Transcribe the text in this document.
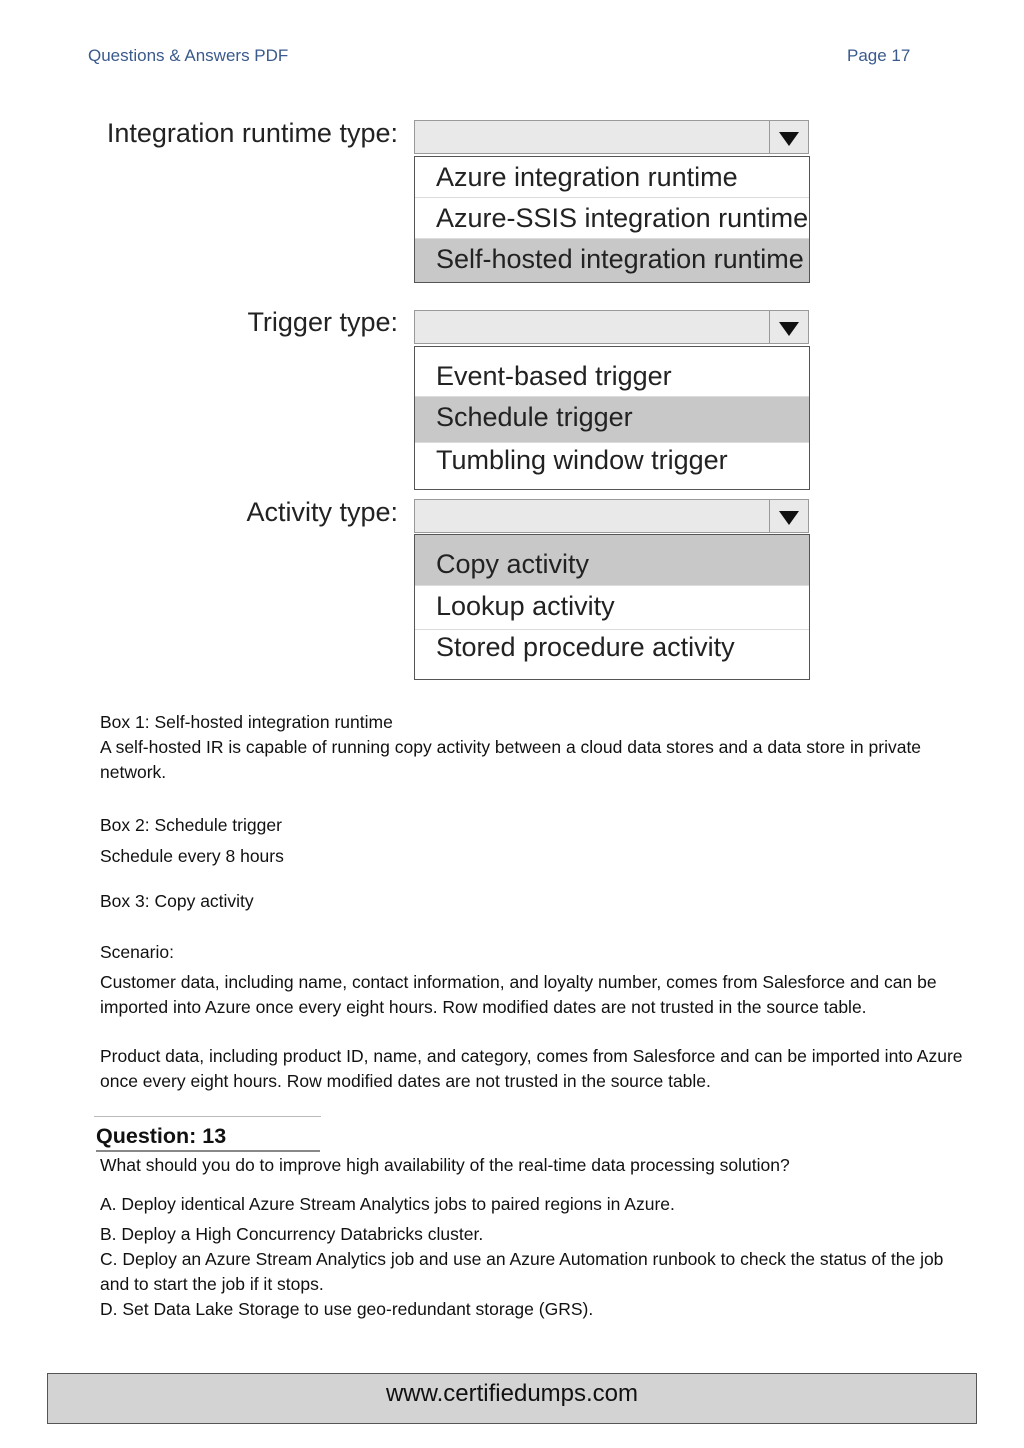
Questions & Answers PDF	Page 17
Integration runtime type:
Azure integration runtime
Azure-SSIS integration runtime
Self-hosted integration runtime
Trigger type:
Event-based trigger
Schedule trigger
Tumbling window trigger
Activity type:
Copy activity
Lookup activity
Stored procedure activity
Box 1: Self-hosted integration runtime
A self-hosted IR is capable of running copy activity between a cloud data stores and a data store in private network.
Box 2: Schedule trigger
Schedule every 8 hours
Box 3: Copy activity
Scenario:
Customer data, including name, contact information, and loyalty number, comes from Salesforce and can be imported into Azure once every eight hours. Row modified dates are not trusted in the source table.
Product data, including product ID, name, and category, comes from Salesforce and can be imported into Azure once every eight hours. Row modified dates are not trusted in the source table.
Question: 13
What should you do to improve high availability of the real-time data processing solution?
A. Deploy identical Azure Stream Analytics jobs to paired regions in Azure.
B. Deploy a High Concurrency Databricks cluster.
C. Deploy an Azure Stream Analytics job and use an Azure Automation runbook to check the status of the job and to start the job if it stops.
D. Set Data Lake Storage to use geo-redundant storage (GRS).
www.certifiedumps.com
